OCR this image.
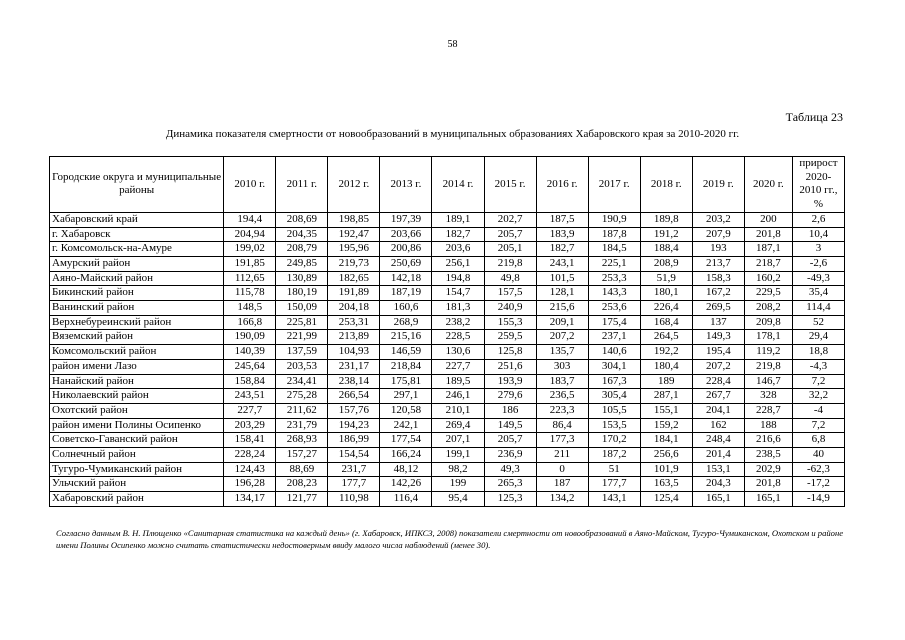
58
Таблица 23
Динамика показателя смертности от новообразований в муниципальных образованиях Хабаровского края за 2010-2020 гг.
Городские округа и муниципальные районы	2010 г.	2011 г.	2012 г.	2013 г.	2014 г.	2015 г.	2016 г.	2017 г.	2018 г.	2019 г.	2020 г.	прирост 2020-2010 гг., %
Хабаровский край	194,4	208,69	198,85	197,39	189,1	202,7	187,5	190,9	189,8	203,2	200	2,6
г. Хабаровск	204,94	204,35	192,47	203,66	182,7	205,7	183,9	187,8	191,2	207,9	201,8	10,4
г. Комсомольск-на-Амуре	199,02	208,79	195,96	200,86	203,6	205,1	182,7	184,5	188,4	193	187,1	3
Амурский район	191,85	249,85	219,73	250,69	256,1	219,8	243,1	225,1	208,9	213,7	218,7	-2,6
Аяно-Майский район	112,65	130,89	182,65	142,18	194,8	49,8	101,5	253,3	51,9	158,3	160,2	-49,3
Бикинский район	115,78	180,19	191,89	187,19	154,7	157,5	128,1	143,3	180,1	167,2	229,5	35,4
Ванинский район	148,5	150,09	204,18	160,6	181,3	240,9	215,6	253,6	226,4	269,5	208,2	114,4
Верхнебуреинский район	166,8	225,81	253,31	268,9	238,2	155,3	209,1	175,4	168,4	137	209,8	52
Вяземский район	190,09	221,99	213,89	215,16	228,5	259,5	207,2	237,1	264,5	149,3	178,1	29,4
Комсомольский район	140,39	137,59	104,93	146,59	130,6	125,8	135,7	140,6	192,2	195,4	119,2	18,8
район имени Лазо	245,64	203,53	231,17	218,84	227,7	251,6	303	304,1	180,4	207,2	219,8	-4,3
Нанайский район	158,84	234,41	238,14	175,81	189,5	193,9	183,7	167,3	189	228,4	146,7	7,2
Николаевский район	243,51	275,28	266,54	297,1	246,1	279,6	236,5	305,4	287,1	267,7	328	32,2
Охотский район	227,7	211,62	157,76	120,58	210,1	186	223,3	105,5	155,1	204,1	228,7	-4
район имени Полины Осипенко	203,29	231,79	194,23	242,1	269,4	149,5	86,4	153,5	159,2	162	188	7,2
Советско-Гаванский район	158,41	268,93	186,99	177,54	207,1	205,7	177,3	170,2	184,1	248,4	216,6	6,8
Солнечный район	228,24	157,27	154,54	166,24	199,1	236,9	211	187,2	256,6	201,4	238,5	40
Тугуро-Чумиканский район	124,43	88,69	231,7	48,12	98,2	49,3	0	51	101,9	153,1	202,9	-62,3
Ульчский район	196,28	208,23	177,7	142,26	199	265,3	187	177,7	163,5	204,3	201,8	-17,2
Хабаровский район	134,17	121,77	110,98	116,4	95,4	125,3	134,2	143,1	125,4	165,1	165,1	-14,9
Согласно данным В. Н. Плющенко «Санитарная статистика на каждый день» (г. Хабаровск, ИПКСЗ, 2008) показатели смертности от новообразований в Аяно-Майском, Тугуро-Чумиканском, Охотском и районе имени Полины Осипенко можно считать статистически недостоверным ввиду малого числа наблюдений (менее 30).
